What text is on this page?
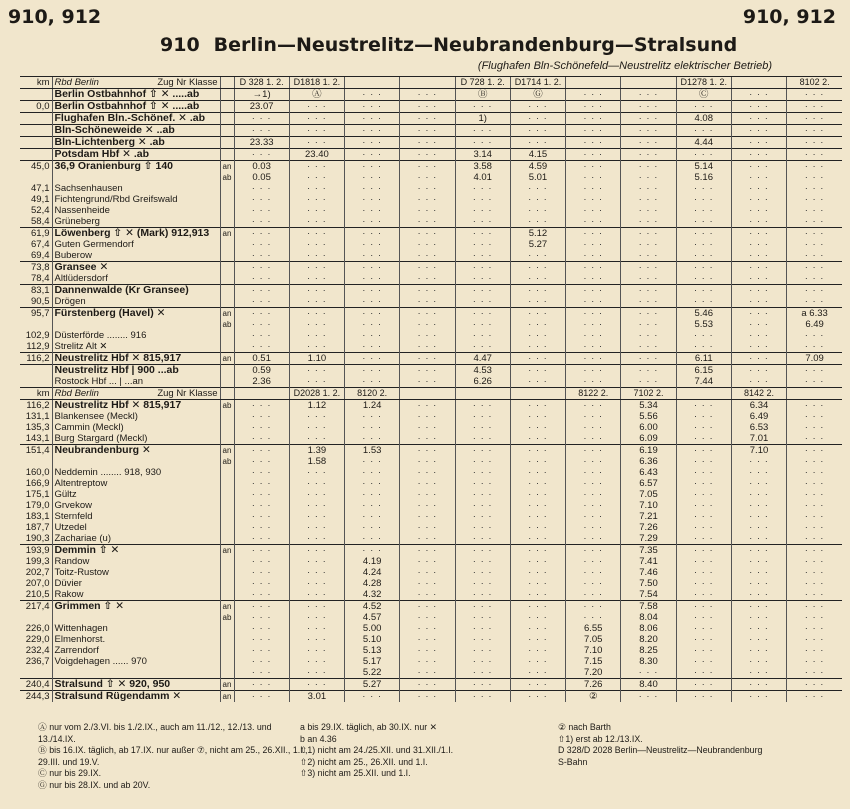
910, 912	910, 912
910 Berlin—Neustrelitz—Neubrandenburg—Stralsund
(Flughafen Bln-Schönefeld—Neustrelitz elektrischer Betrieb)
km	Rbd Berlin Zug Nr Klasse		D 328 1. 2.	D1818 1. 2.			D 728 1. 2.	D1714 1. 2.			D1278 1. 2.		8102 2.
	Berlin Ostbahnhof ⇧ ✕ .....ab		→1)	Ⓐ	· · ·	· · ·	Ⓑ	Ⓖ	· · ·	· · ·	Ⓒ	· · ·	· · ·
0,0	Berlin Ostbahnhof ⇧ ✕ .....ab		23.07	· · ·	· · ·	· · ·	· · ·	· · ·	· · ·	· · ·	· · ·	· · ·	· · ·
	Flughafen Bln.-Schönef. ✕ .ab		· · ·	· · ·	· · ·	· · ·	1)	· · ·	· · ·	· · ·	4.08	· · ·	· · ·
	Bln-Schöneweide ✕ ..ab		· · ·	· · ·	· · ·	· · ·	· · ·	· · ·	· · ·	· · ·	· · ·	· · ·	· · ·
	Bln-Lichtenberg ✕ .ab		23.33	· · ·	· · ·	· · ·	· · ·	· · ·	· · ·	· · ·	4.44	· · ·	· · ·
	Potsdam Hbf ✕ .ab		· · ·	23.40	· · ·	· · ·	3.14	4.15	· · ·	· · ·	· · ·	· · ·	· · ·
45,0	36,9 Oranienburg ⇧ 140	an	0.03	· · ·	· · ·	· · ·	3.58	4.59	· · ·	· · ·	5.14	· · ·	· · ·
		ab	0.05	· · ·	· · ·	· · ·	4.01	5.01	· · ·	· · ·	5.16	· · ·	· · ·
47,1	Sachsenhausen		· · ·	· · ·	· · ·	· · ·	· · ·	· · ·	· · ·	· · ·	· · ·	· · ·	· · ·
49,1	Fichtengrund/Rbd Greifswald		· · ·	· · ·	· · ·	· · ·	· · ·	· · ·	· · ·	· · ·	· · ·	· · ·	· · ·
52,4	Nassenheide		· · ·	· · ·	· · ·	· · ·	· · ·	· · ·	· · ·	· · ·	· · ·	· · ·	· · ·
58,4	Grüneberg		· · ·	· · ·	· · ·	· · ·	· · ·	· · ·	· · ·	· · ·	· · ·	· · ·	· · ·
61,9	Löwenberg ⇧ ✕ (Mark) 912,913	an	· · ·	· · ·	· · ·	· · ·	· · ·	5.12	· · ·	· · ·	· · ·	· · ·	· · ·
67,4	Guten Germendorf		· · ·	· · ·	· · ·	· · ·	· · ·	5.27	· · ·	· · ·	· · ·	· · ·	· · ·
69,4	Buberow		· · ·	· · ·	· · ·	· · ·	· · ·	· · ·	· · ·	· · ·	· · ·	· · ·	· · ·
73,8	Gransee ✕		· · ·	· · ·	· · ·	· · ·	· · ·	· · ·	· · ·	· · ·	· · ·	· · ·	· · ·
78,4	Altlüdersdorf		· · ·	· · ·	· · ·	· · ·	· · ·	· · ·	· · ·	· · ·	· · ·	· · ·	· · ·
83,1	Dannenwalde (Kr Gransee)		· · ·	· · ·	· · ·	· · ·	· · ·	· · ·	· · ·	· · ·	· · ·	· · ·	· · ·
90,5	Drögen		· · ·	· · ·	· · ·	· · ·	· · ·	· · ·	· · ·	· · ·	· · ·	· · ·	· · ·
95,7	Fürstenberg (Havel) ✕	an	· · ·	· · ·	· · ·	· · ·	· · ·	· · ·	· · ·	· · ·	5.46	· · ·	a 6.33
		ab	· · ·	· · ·	· · ·	· · ·	· · ·	· · ·	· · ·	· · ·	5.53	· · ·	6.49
102,9	Düsterförde ........ 916		· · ·	· · ·	· · ·	· · ·	· · ·	· · ·	· · ·	· · ·	· · ·	· · ·	· · ·
112,9	Strelitz Alt ✕		· · ·	· · ·	· · ·	· · ·	· · ·	· · ·	· · ·	· · ·	· · ·	· · ·	· · ·
116,2	Neustrelitz Hbf ✕ 815,917	an	0.51	1.10	· · ·	· · ·	4.47	· · ·	· · ·	· · ·	6.11	· · ·	7.09
	Neustrelitz Hbf | 900 ...ab		0.59	· · ·	· · ·	· · ·	4.53	· · ·	· · ·	· · ·	6.15	· · ·	· · ·
	Rostock Hbf ... | ...an		2.36	· · ·	· · ·	· · ·	6.26	· · ·	· · ·	· · ·	7.44	· · ·	· · ·
km	Rbd Berlin Zug Nr Klasse			D2028 1. 2.	8120 2.				8122 2.	7102 2.		8142 2.	
116,2	Neustrelitz Hbf ✕ 815,917	ab	· · ·	1.12	1.24	· · ·	· · ·	· · ·	· · ·	5.34	· · ·	6.34	· · ·
131,1	Blankensee (Meckl)		· · ·	· · ·	· · ·	· · ·	· · ·	· · ·	· · ·	5.56	· · ·	6.49	· · ·
135,3	Cammin (Meckl)		· · ·	· · ·	· · ·	· · ·	· · ·	· · ·	· · ·	6.00	· · ·	6.53	· · ·
143,1	Burg Stargard (Meckl)		· · ·	· · ·	· · ·	· · ·	· · ·	· · ·	· · ·	6.09	· · ·	7.01	· · ·
151,4	Neubrandenburg ✕	an	· · ·	1.39	1.53	· · ·	· · ·	· · ·	· · ·	6.19	· · ·	7.10	· · ·
		ab	· · ·	1.58	· · ·	· · ·	· · ·	· · ·	· · ·	6.36	· · ·	· · ·	· · ·
160,0	Neddemin ........ 918, 930		· · ·	· · ·	· · ·	· · ·	· · ·	· · ·	· · ·	6.43	· · ·	· · ·	· · ·
166,9	Altentreptow		· · ·	· · ·	· · ·	· · ·	· · ·	· · ·	· · ·	6.57	· · ·	· · ·	· · ·
175,1	Gültz		· · ·	· · ·	· · ·	· · ·	· · ·	· · ·	· · ·	7.05	· · ·	· · ·	· · ·
179,0	Grvekow		· · ·	· · ·	· · ·	· · ·	· · ·	· · ·	· · ·	7.10	· · ·	· · ·	· · ·
183,1	Sternfeld		· · ·	· · ·	· · ·	· · ·	· · ·	· · ·	· · ·	7.21	· · ·	· · ·	· · ·
187,7	Utzedel		· · ·	· · ·	· · ·	· · ·	· · ·	· · ·	· · ·	7.26	· · ·	· · ·	· · ·
190,3	Zachariae (u)		· · ·	· · ·	· · ·	· · ·	· · ·	· · ·	· · ·	7.29	· · ·	· · ·	· · ·
193,9	Demmin ⇧ ✕	an	· · ·	· · ·	· · ·	· · ·	· · ·	· · ·	· · ·	7.35	· · ·	· · ·	· · ·
199,3	Randow		· · ·	· · ·	4.19	· · ·	· · ·	· · ·	· · ·	7.41	· · ·	· · ·	· · ·
202,7	Toitz-Rustow		· · ·	· · ·	4.24	· · ·	· · ·	· · ·	· · ·	7.46	· · ·	· · ·	· · ·
207,0	Düvier		· · ·	· · ·	4.28	· · ·	· · ·	· · ·	· · ·	7.50	· · ·	· · ·	· · ·
210,5	Rakow		· · ·	· · ·	4.32	· · ·	· · ·	· · ·	· · ·	7.54	· · ·	· · ·	· · ·
217,4	Grimmen ⇧ ✕	an	· · ·	· · ·	4.52	· · ·	· · ·	· · ·	· · ·	7.58	· · ·	· · ·	· · ·
		ab	· · ·	· · ·	4.57	· · ·	· · ·	· · ·	· · ·	8.04	· · ·	· · ·	· · ·
226,0	Wittenhagen		· · ·	· · ·	5.00	· · ·	· · ·	· · ·	6.55	8.06	· · ·	· · ·	· · ·
229,0	Elmenhorst.		· · ·	· · ·	5.10	· · ·	· · ·	· · ·	7.05	8.20	· · ·	· · ·	· · ·
232,4	Zarrendorf		· · ·	· · ·	5.13	· · ·	· · ·	· · ·	7.10	8.25	· · ·	· · ·	· · ·
236,7	Voigdehagen ...... 970		· · ·	· · ·	5.17	· · ·	· · ·	· · ·	7.15	8.30	· · ·	· · ·	· · ·
			· · ·	· · ·	5.22	· · ·	· · ·	· · ·	7.20	· · ·	· · ·	· · ·	· · ·
240,4	Stralsund ⇧ ✕ 920, 950	an	· · ·	· · ·	5.27	· · ·	· · ·	· · ·	7.26	8.40	· · ·	· · ·	· · ·
244,3	Stralsund Rügendamm ✕	an	· · ·	3.01	· · ·	· · ·	· · ·	· · ·	②	· · ·	· · ·	· · ·	· · ·
Ⓐ nur vom 2./3.VI. bis 1./2.IX., auch am 11./12., 12./13. und 13./14.IX.
Ⓑ bis 16.IX. täglich, ab 17.IX. nur außer ⑦, nicht am 25., 26.XII., 1.I., 29.III. und 19.V.
Ⓒ nur bis 29.IX.
Ⓖ nur bis 28.IX. und ab 20V.
a bis 29.IX. täglich, ab 30.IX. nur ✕
b an 4.36
⇧1) nicht am 24./25.XII. und 31.XII./1.I.
⇧2) nicht am 25., 26.XII. und 1.I.
⇧3) nicht am 25.XII. und 1.I.
② nach Barth
⇧1) erst ab 12./13.IX.
D 328/D 2028 Berlin—Neustrelitz—Neubrandenburg
S-Bahn
